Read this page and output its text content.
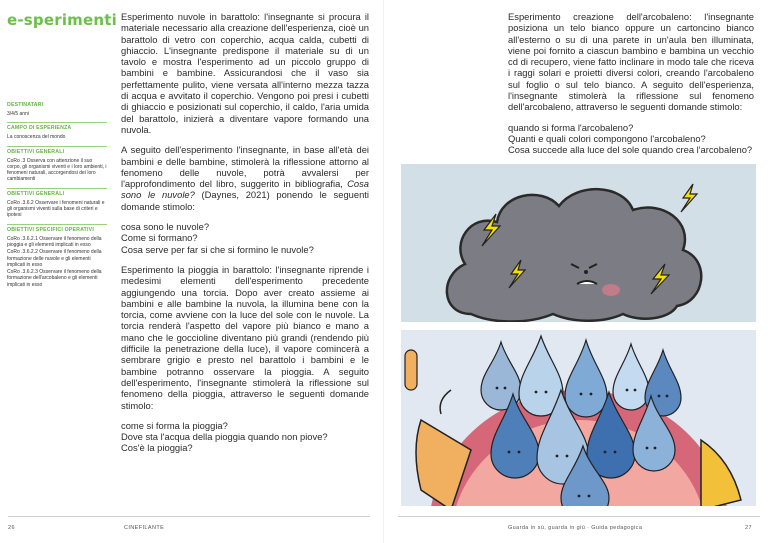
e-sperimenti
DESTINATARI
3/4/5 anni
CAMPO DI ESPERIENZA
La conoscenza del mondo
OBIETTIVI GENERALI
CoRo .3 Osserva con attenzione il suo corpo, gli organismi viventi e i loro ambienti, i fenomeni naturali, accorgendosi dei loro cambiamenti
OBIETTIVI GENERALI
CoRo .3.6.2 Osservare i fenomeni naturali e gli organismi viventi sulla base di criteri e ipotesi
OBIETTIVI SPECIFICI OPERATIVI
CoRo .3.6.2.1 Osservare il fenomeno della pioggia e gli elementi implicati in esso
CoRo .3.6.2.2 Osservare il fenomeno della formazione delle nuvole e gli elementi implicati in esso
CoRo .3.6.2.3 Osservare il fenomeno della formazione dell'arcobaleno e gli elementi implicati in esso

Esperimento nuvole in barattolo: l'insegnante si procura il materiale necessario alla creazione dell'esperienza, cioè un barattolo di vetro con coperchio, acqua calda, cubetti di ghiaccio. L'insegnante predispone il materiale su di un tavolo e mostra l'esperimento ad un piccolo gruppo di bambini e bambine. Assicurandosi che il vaso sia perfettamente pulito, viene versata all'interno mezza tazza di acqua e avvitato il coperchio. Vengono poi presi i cubetti di ghiaccio e posizionati sul coperchio, il caldo, l'aria umida del barattolo, inizierà a diventare vapore formando una nuvola.

A seguito dell'esperimento l'insegnante, in base all'età dei bambini e delle bambine, stimolerà la riflessione attorno al fenomeno delle nuvole, potrà avvalersi per l'approfondimento del libro, suggerito in bibliografia, Cosa sono le nuvole? (Daynes, 2021) ponendo le seguenti domande stimolo:

cosa sono le nuvole?

Come si formano?

Cosa serve per far si che si formino le nuvole?

Esperimento la pioggia in barattolo: l'insegnante riprende i medesimi elementi dell'esperimento precedente aggiungendo una torcia. Dopo aver creato assieme ai bambini e alle bambine la nuvola, la illumina bene con la torcia, come avviene con la luce del sole con le nuvole. La torcia renderà l'aspetto del vapore più bianco e mano a mano che le goccioline diventano più grandi (rendendo più difficile la penetrazione della luce), il vapore comincerà a sembrare grigio e presto nel barattolo i bambini e le bambine potranno osservare la pioggia. A seguito dell'esperimento, l'insegnante stimolerà la riflessione sul fenomeno della pioggia, attraverso le seguenti domande stimolo:

come si forma la pioggia?

Dove sta l'acqua della pioggia quando non piove?

Cos'è la pioggia?

26	CINEFILANTE

Esperimento creazione dell'arcobaleno: l'insegnante posiziona un telo bianco oppure un cartoncino bianco all'esterno o su di una parete in un'aula ben illuminata, viene poi fornito a ciascun bambino e bambina un vecchio cd di recupero, viene fatto inclinare in modo tale che riceva i raggi solari e proietti diversi colori, creando l'arcobaleno sul foglio o sul telo bianco. A seguito dell'esperienza, l'insegnante stimolerà la riflessione sul fenomeno dell'arcobaleno, attraverso le seguenti domande stimolo:

quando si forma l'arcobaleno?

Quanti e quali colori compongono l'arcobaleno?

Cosa succede alla luce del sole quando crea l'arcobaleno?

Guarda in sù, guarda in giù · Guida pedagogica	27
